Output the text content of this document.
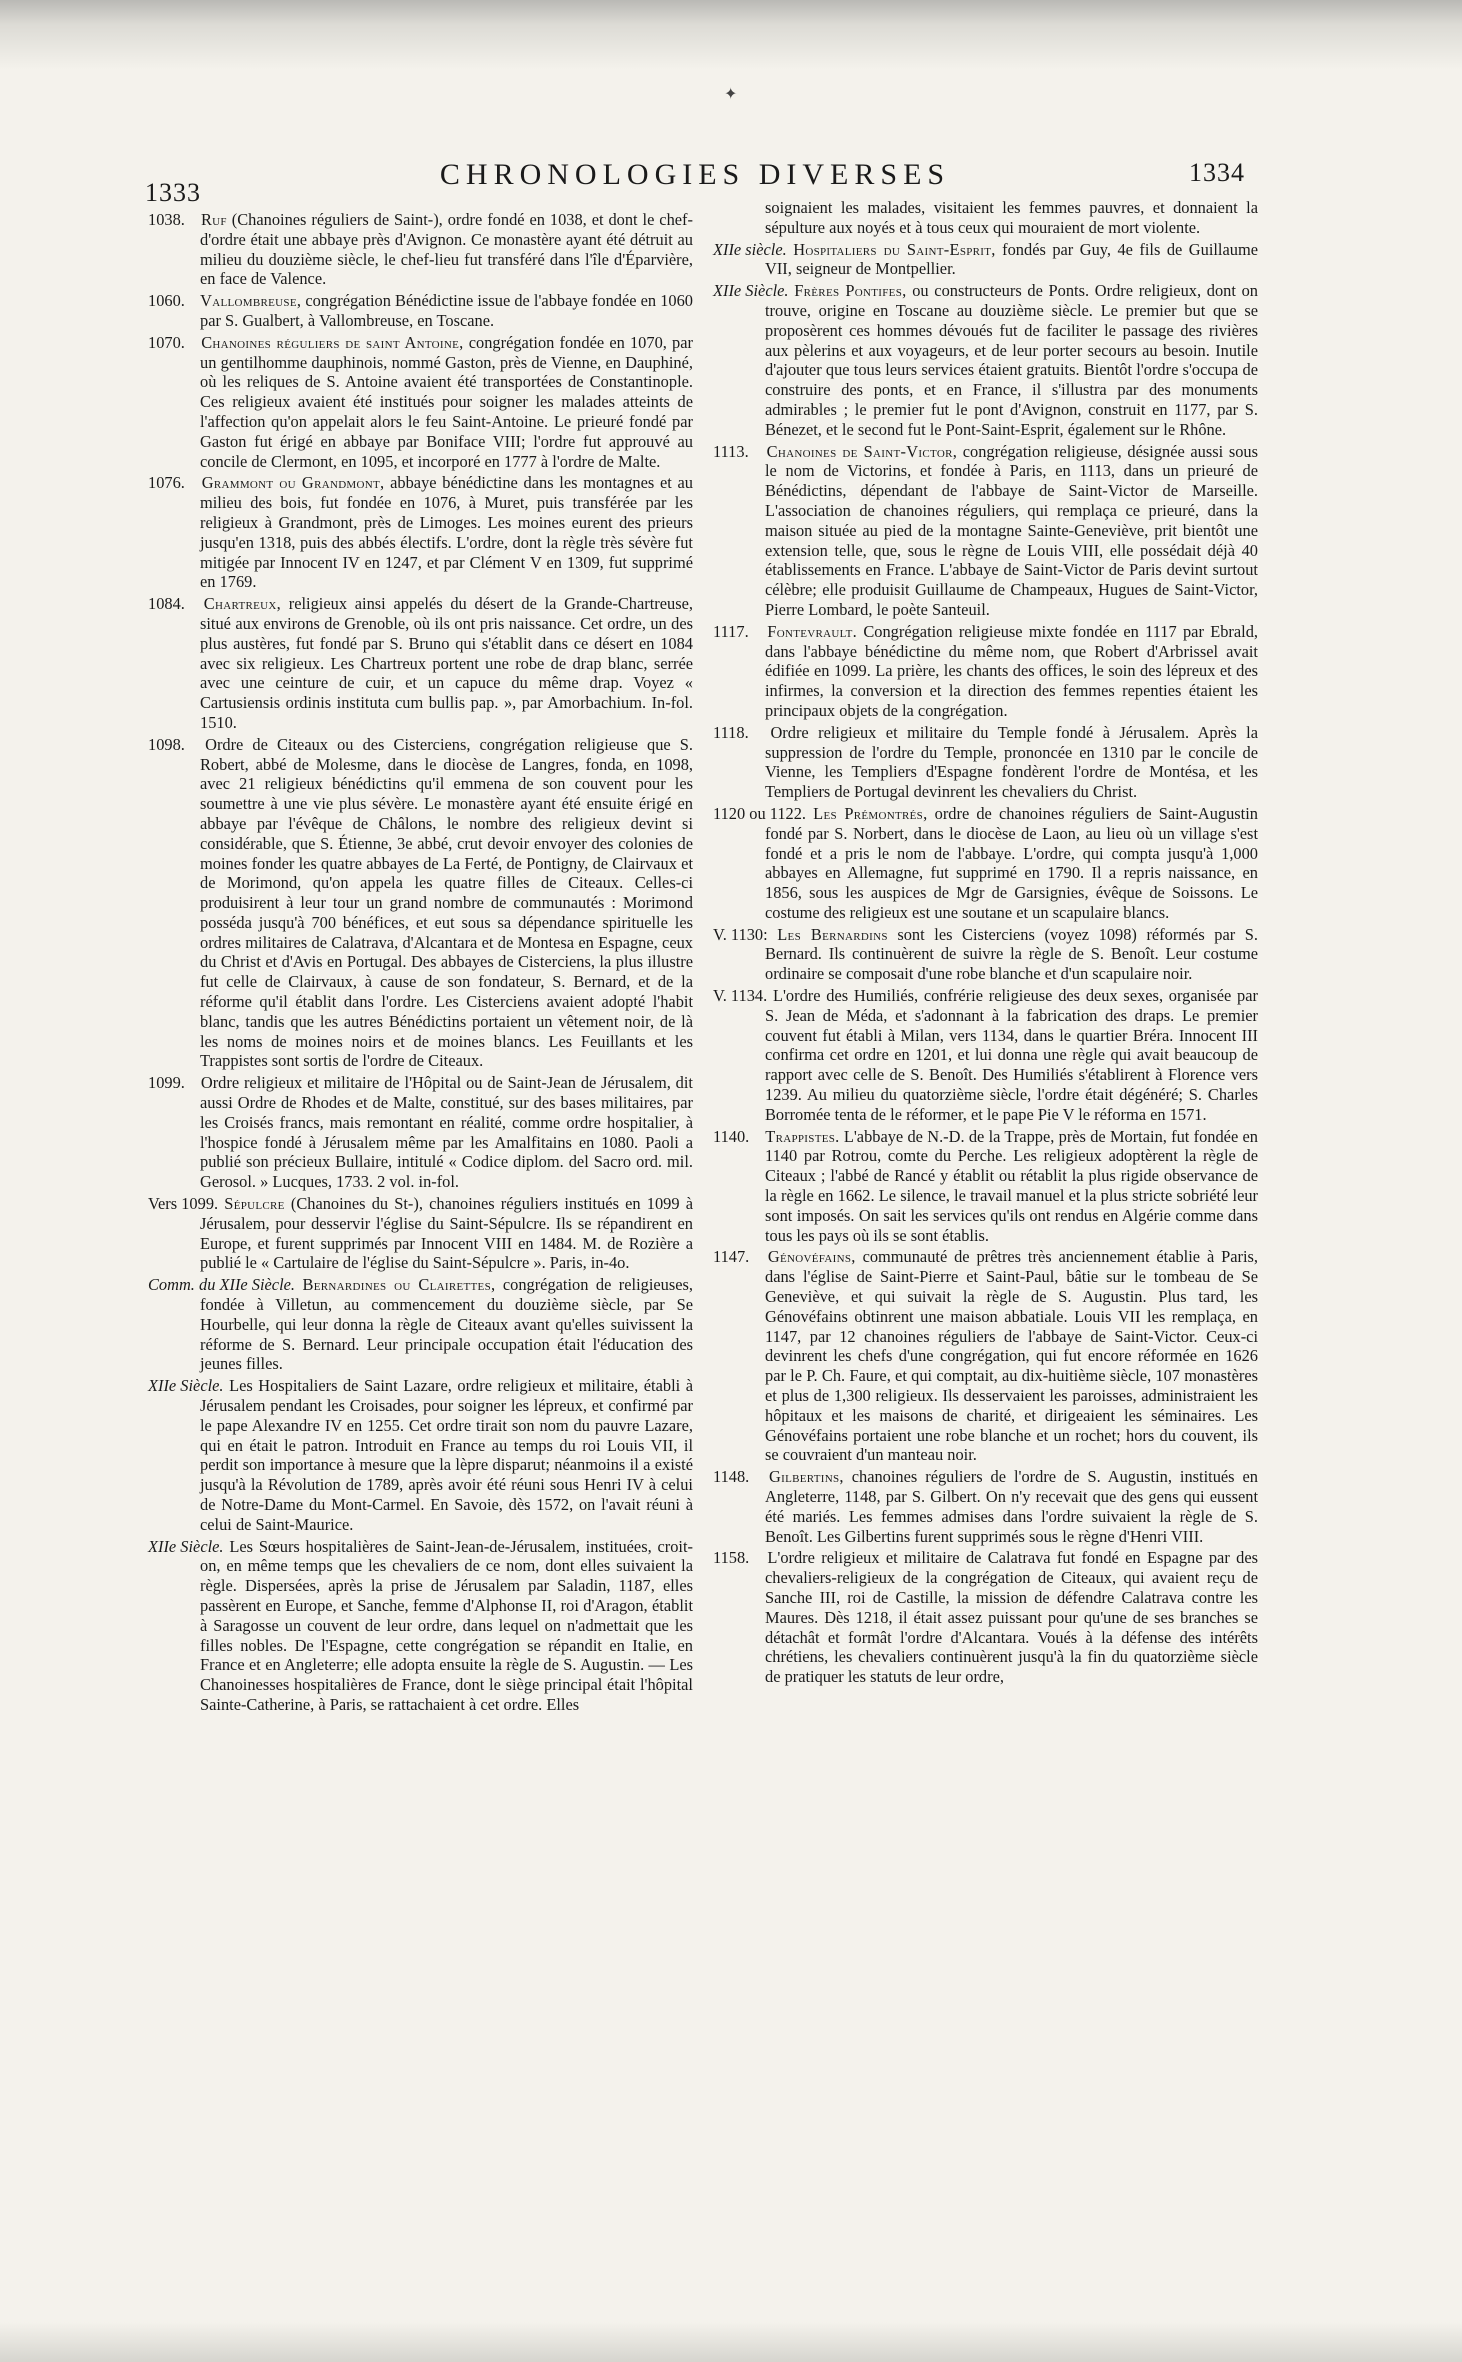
✦
1333
CHRONOLOGIES DIVERSES	1334

1038. Ruf (Chanoines réguliers de Saint-), ordre fondé en 1038, et dont le chef-d'ordre était une abbaye près d'Avignon. Ce monastère ayant été détruit au milieu du douzième siècle, le chef-lieu fut transféré dans l'île d'Éparvière, en face de Valence.

1060. Vallombreuse, congrégation Bénédictine issue de l'abbaye fondée en 1060 par S. Gualbert, à Vallombreuse, en Toscane.

1070. Chanoines réguliers de saint Antoine, congrégation fondée en 1070, par un gentilhomme dauphinois, nommé Gaston, près de Vienne, en Dauphiné, où les reliques de S. Antoine avaient été transportées de Constantinople. Ces religieux avaient été institués pour soigner les malades atteints de l'affection qu'on appelait alors le feu Saint-Antoine. Le prieuré fondé par Gaston fut érigé en abbaye par Boniface VIII; l'ordre fut approuvé au concile de Clermont, en 1095, et incorporé en 1777 à l'ordre de Malte.

1076. Grammont ou Grandmont, abbaye bénédictine dans les montagnes et au milieu des bois, fut fondée en 1076, à Muret, puis transférée par les religieux à Grandmont, près de Limoges. Les moines eurent des prieurs jusqu'en 1318, puis des abbés électifs. L'ordre, dont la règle très sévère fut mitigée par Innocent IV en 1247, et par Clément V en 1309, fut supprimé en 1769.

1084. Chartreux, religieux ainsi appelés du désert de la Grande-Chartreuse, situé aux environs de Grenoble, où ils ont pris naissance. Cet ordre, un des plus austères, fut fondé par S. Bruno qui s'établit dans ce désert en 1084 avec six religieux. Les Chartreux portent une robe de drap blanc, serrée avec une ceinture de cuir, et un capuce du même drap. Voyez « Cartusiensis ordinis instituta cum bullis pap. », par Amorbachium. In-fol. 1510.

1098. Ordre de Citeaux ou des Cisterciens, congrégation religieuse que S. Robert, abbé de Molesme, dans le diocèse de Langres, fonda, en 1098, avec 21 religieux bénédictins qu'il emmena de son couvent pour les soumettre à une vie plus sévère. Le monastère ayant été ensuite érigé en abbaye par l'évêque de Châlons, le nombre des religieux devint si considérable, que S. Étienne, 3e abbé, crut devoir envoyer des colonies de moines fonder les quatre abbayes de La Ferté, de Pontigny, de Clairvaux et de Morimond, qu'on appela les quatre filles de Citeaux. Celles-ci produisirent à leur tour un grand nombre de communautés : Morimond posséda jusqu'à 700 bénéfices, et eut sous sa dépendance spirituelle les ordres militaires de Calatrava, d'Alcantara et de Montesa en Espagne, ceux du Christ et d'Avis en Portugal. Des abbayes de Cisterciens, la plus illustre fut celle de Clairvaux, à cause de son fondateur, S. Bernard, et de la réforme qu'il établit dans l'ordre. Les Cisterciens avaient adopté l'habit blanc, tandis que les autres Bénédictins portaient un vêtement noir, de là les noms de moines noirs et de moines blancs. Les Feuillants et les Trappistes sont sortis de l'ordre de Citeaux.

1099. Ordre religieux et militaire de l'Hôpital ou de Saint-Jean de Jérusalem, dit aussi Ordre de Rhodes et de Malte, constitué, sur des bases militaires, par les Croisés francs, mais remontant en réalité, comme ordre hospitalier, à l'hospice fondé à Jérusalem même par les Amalfitains en 1080. Paoli a publié son précieux Bullaire, intitulé « Codice diplom. del Sacro ord. mil. Gerosol. » Lucques, 1733. 2 vol. in-fol.

Vers 1099. Sépulcre (Chanoines du St-), chanoines réguliers institués en 1099 à Jérusalem, pour desservir l'église du Saint-Sépulcre. Ils se répandirent en Europe, et furent supprimés par Innocent VIII en 1484. M. de Rozière a publié le « Cartulaire de l'église du Saint-Sépulcre ». Paris, in-4o.

Comm. du XIIe Siècle. Bernardines ou Clairettes, congrégation de religieuses, fondée à Villetun, au commencement du douzième siècle, par Se Hourbelle, qui leur donna la règle de Citeaux avant qu'elles suivissent la réforme de S. Bernard. Leur principale occupation était l'éducation des jeunes filles.

XIIe Siècle. Les Hospitaliers de Saint Lazare, ordre religieux et militaire, établi à Jérusalem pendant les Croisades, pour soigner les lépreux, et confirmé par le pape Alexandre IV en 1255. Cet ordre tirait son nom du pauvre Lazare, qui en était le patron. Introduit en France au temps du roi Louis VII, il perdit son importance à mesure que la lèpre disparut; néanmoins il a existé jusqu'à la Révolution de 1789, après avoir été réuni sous Henri IV à celui de Notre-Dame du Mont-Carmel. En Savoie, dès 1572, on l'avait réuni à celui de Saint-Maurice.

XIIe Siècle. Les Sœurs hospitalières de Saint-Jean-de-Jérusalem, instituées, croit-on, en même temps que les chevaliers de ce nom, dont elles suivaient la règle. Dispersées, après la prise de Jérusalem par Saladin, 1187, elles passèrent en Europe, et Sanche, femme d'Alphonse II, roi d'Aragon, établit à Saragosse un couvent de leur ordre, dans lequel on n'admettait que les filles nobles. De l'Espagne, cette congrégation se répandit en Italie, en France et en Angleterre; elle adopta ensuite la règle de S. Augustin. — Les Chanoinesses hospitalières de France, dont le siège principal était l'hôpital Sainte-Catherine, à Paris, se rattachaient à cet ordre. Elles

soignaient les malades, visitaient les femmes pauvres, et donnaient la sépulture aux noyés et à tous ceux qui mouraient de mort violente.

XIIe siècle. Hospitaliers du Saint-Esprit, fondés par Guy, 4e fils de Guillaume VII, seigneur de Montpellier.

XIIe Siècle. Frères Pontifes, ou constructeurs de Ponts. Ordre religieux, dont on trouve, origine en Toscane au douzième siècle. Le premier but que se proposèrent ces hommes dévoués fut de faciliter le passage des rivières aux pèlerins et aux voyageurs, et de leur porter secours au besoin. Inutile d'ajouter que tous leurs services étaient gratuits. Bientôt l'ordre s'occupa de construire des ponts, et en France, il s'illustra par des monuments admirables ; le premier fut le pont d'Avignon, construit en 1177, par S. Bénezet, et le second fut le Pont-Saint-Esprit, également sur le Rhône.

1113. Chanoines de Saint-Victor, congrégation religieuse, désignée aussi sous le nom de Victorins, et fondée à Paris, en 1113, dans un prieuré de Bénédictins, dépendant de l'abbaye de Saint-Victor de Marseille. L'association de chanoines réguliers, qui remplaça ce prieuré, dans la maison située au pied de la montagne Sainte-Geneviève, prit bientôt une extension telle, que, sous le règne de Louis VIII, elle possédait déjà 40 établissements en France. L'abbaye de Saint-Victor de Paris devint surtout célèbre; elle produisit Guillaume de Champeaux, Hugues de Saint-Victor, Pierre Lombard, le poète Santeuil.

1117. Fontevrault. Congrégation religieuse mixte fondée en 1117 par Ebrald, dans l'abbaye bénédictine du même nom, que Robert d'Arbrissel avait édifiée en 1099. La prière, les chants des offices, le soin des lépreux et des infirmes, la conversion et la direction des femmes repenties étaient les principaux objets de la congrégation.

1118. Ordre religieux et militaire du Temple fondé à Jérusalem. Après la suppression de l'ordre du Temple, prononcée en 1310 par le concile de Vienne, les Templiers d'Espagne fondèrent l'ordre de Montésa, et les Templiers de Portugal devinrent les chevaliers du Christ.

1120 ou 1122. Les Prémontrés, ordre de chanoines réguliers de Saint-Augustin fondé par S. Norbert, dans le diocèse de Laon, au lieu où un village s'est fondé et a pris le nom de l'abbaye. L'ordre, qui compta jusqu'à 1,000 abbayes en Allemagne, fut supprimé en 1790. Il a repris naissance, en 1856, sous les auspices de Mgr de Garsignies, évêque de Soissons. Le costume des religieux est une soutane et un scapulaire blancs.

V. 1130: Les Bernardins sont les Cisterciens (voyez 1098) réformés par S. Bernard. Ils continuèrent de suivre la règle de S. Benoît. Leur costume ordinaire se composait d'une robe blanche et d'un scapulaire noir.

V. 1134. L'ordre des Humiliés, confrérie religieuse des deux sexes, organisée par S. Jean de Méda, et s'adonnant à la fabrication des draps. Le premier couvent fut établi à Milan, vers 1134, dans le quartier Bréra. Innocent III confirma cet ordre en 1201, et lui donna une règle qui avait beaucoup de rapport avec celle de S. Benoît. Des Humiliés s'établirent à Florence vers 1239. Au milieu du quatorzième siècle, l'ordre était dégénéré; S. Charles Borromée tenta de le réformer, et le pape Pie V le réforma en 1571.

1140. Trappistes. L'abbaye de N.-D. de la Trappe, près de Mortain, fut fondée en 1140 par Rotrou, comte du Perche. Les religieux adoptèrent la règle de Citeaux ; l'abbé de Rancé y établit ou rétablit la plus rigide observance de la règle en 1662. Le silence, le travail manuel et la plus stricte sobriété leur sont imposés. On sait les services qu'ils ont rendus en Algérie comme dans tous les pays où ils se sont établis.

1147. Génovéfains, communauté de prêtres très anciennement établie à Paris, dans l'église de Saint-Pierre et Saint-Paul, bâtie sur le tombeau de Se Geneviève, et qui suivait la règle de S. Augustin. Plus tard, les Génovéfains obtinrent une maison abbatiale. Louis VII les remplaça, en 1147, par 12 chanoines réguliers de l'abbaye de Saint-Victor. Ceux-ci devinrent les chefs d'une congrégation, qui fut encore réformée en 1626 par le P. Ch. Faure, et qui comptait, au dix-huitième siècle, 107 monastères et plus de 1,300 religieux. Ils desservaient les paroisses, administraient les hôpitaux et les maisons de charité, et dirigeaient les séminaires. Les Génovéfains portaient une robe blanche et un rochet; hors du couvent, ils se couvraient d'un manteau noir.

1148. Gilbertins, chanoines réguliers de l'ordre de S. Augustin, institués en Angleterre, 1148, par S. Gilbert. On n'y recevait que des gens qui eussent été mariés. Les femmes admises dans l'ordre suivaient la règle de S. Benoît. Les Gilbertins furent supprimés sous le règne d'Henri VIII.

1158. L'ordre religieux et militaire de Calatrava fut fondé en Espagne par des chevaliers-religieux de la congrégation de Citeaux, qui avaient reçu de Sanche III, roi de Castille, la mission de défendre Calatrava contre les Maures. Dès 1218, il était assez puissant pour qu'une de ses branches se détachât et formât l'ordre d'Alcantara. Voués à la défense des intérêts chrétiens, les chevaliers continuèrent jusqu'à la fin du quatorzième siècle de pratiquer les statuts de leur ordre,
